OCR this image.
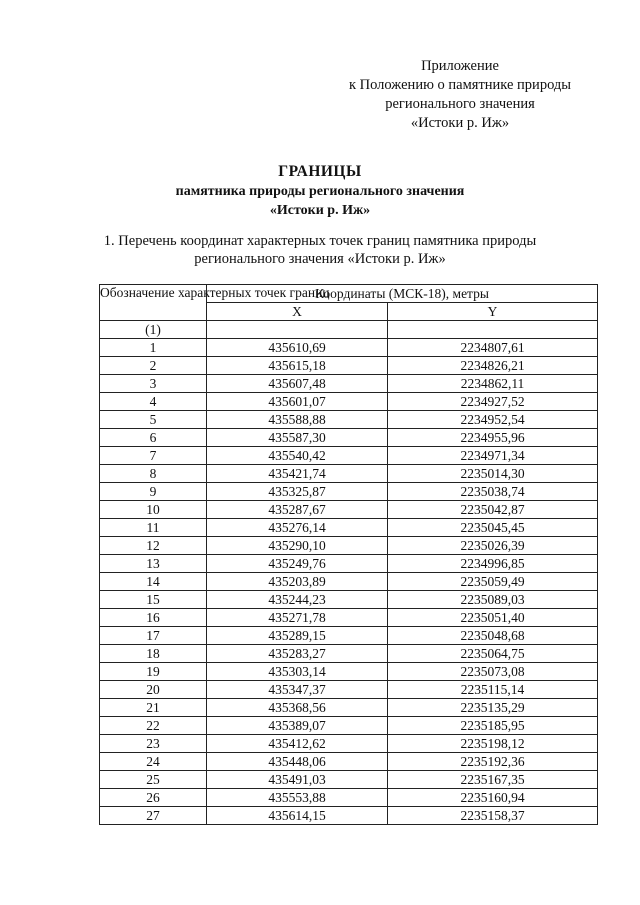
Приложение
к Положению о памятнике природы
регионального значения
«Истоки р. Иж»
ГРАНИЦЫ
памятника природы регионального значения
«Истоки р. Иж»
1. Перечень координат характерных точек границ памятника природы
регионального значения «Истоки р. Иж»
Обозначение характерных точек границ	Координаты (МСК-18), метры	
	X	Y
(1)		
1	435610,69	2234807,61
2	435615,18	2234826,21
3	435607,48	2234862,11
4	435601,07	2234927,52
5	435588,88	2234952,54
6	435587,30	2234955,96
7	435540,42	2234971,34
8	435421,74	2235014,30
9	435325,87	2235038,74
10	435287,67	2235042,87
11	435276,14	2235045,45
12	435290,10	2235026,39
13	435249,76	2234996,85
14	435203,89	2235059,49
15	435244,23	2235089,03
16	435271,78	2235051,40
17	435289,15	2235048,68
18	435283,27	2235064,75
19	435303,14	2235073,08
20	435347,37	2235115,14
21	435368,56	2235135,29
22	435389,07	2235185,95
23	435412,62	2235198,12
24	435448,06	2235192,36
25	435491,03	2235167,35
26	435553,88	2235160,94
27	435614,15	2235158,37
